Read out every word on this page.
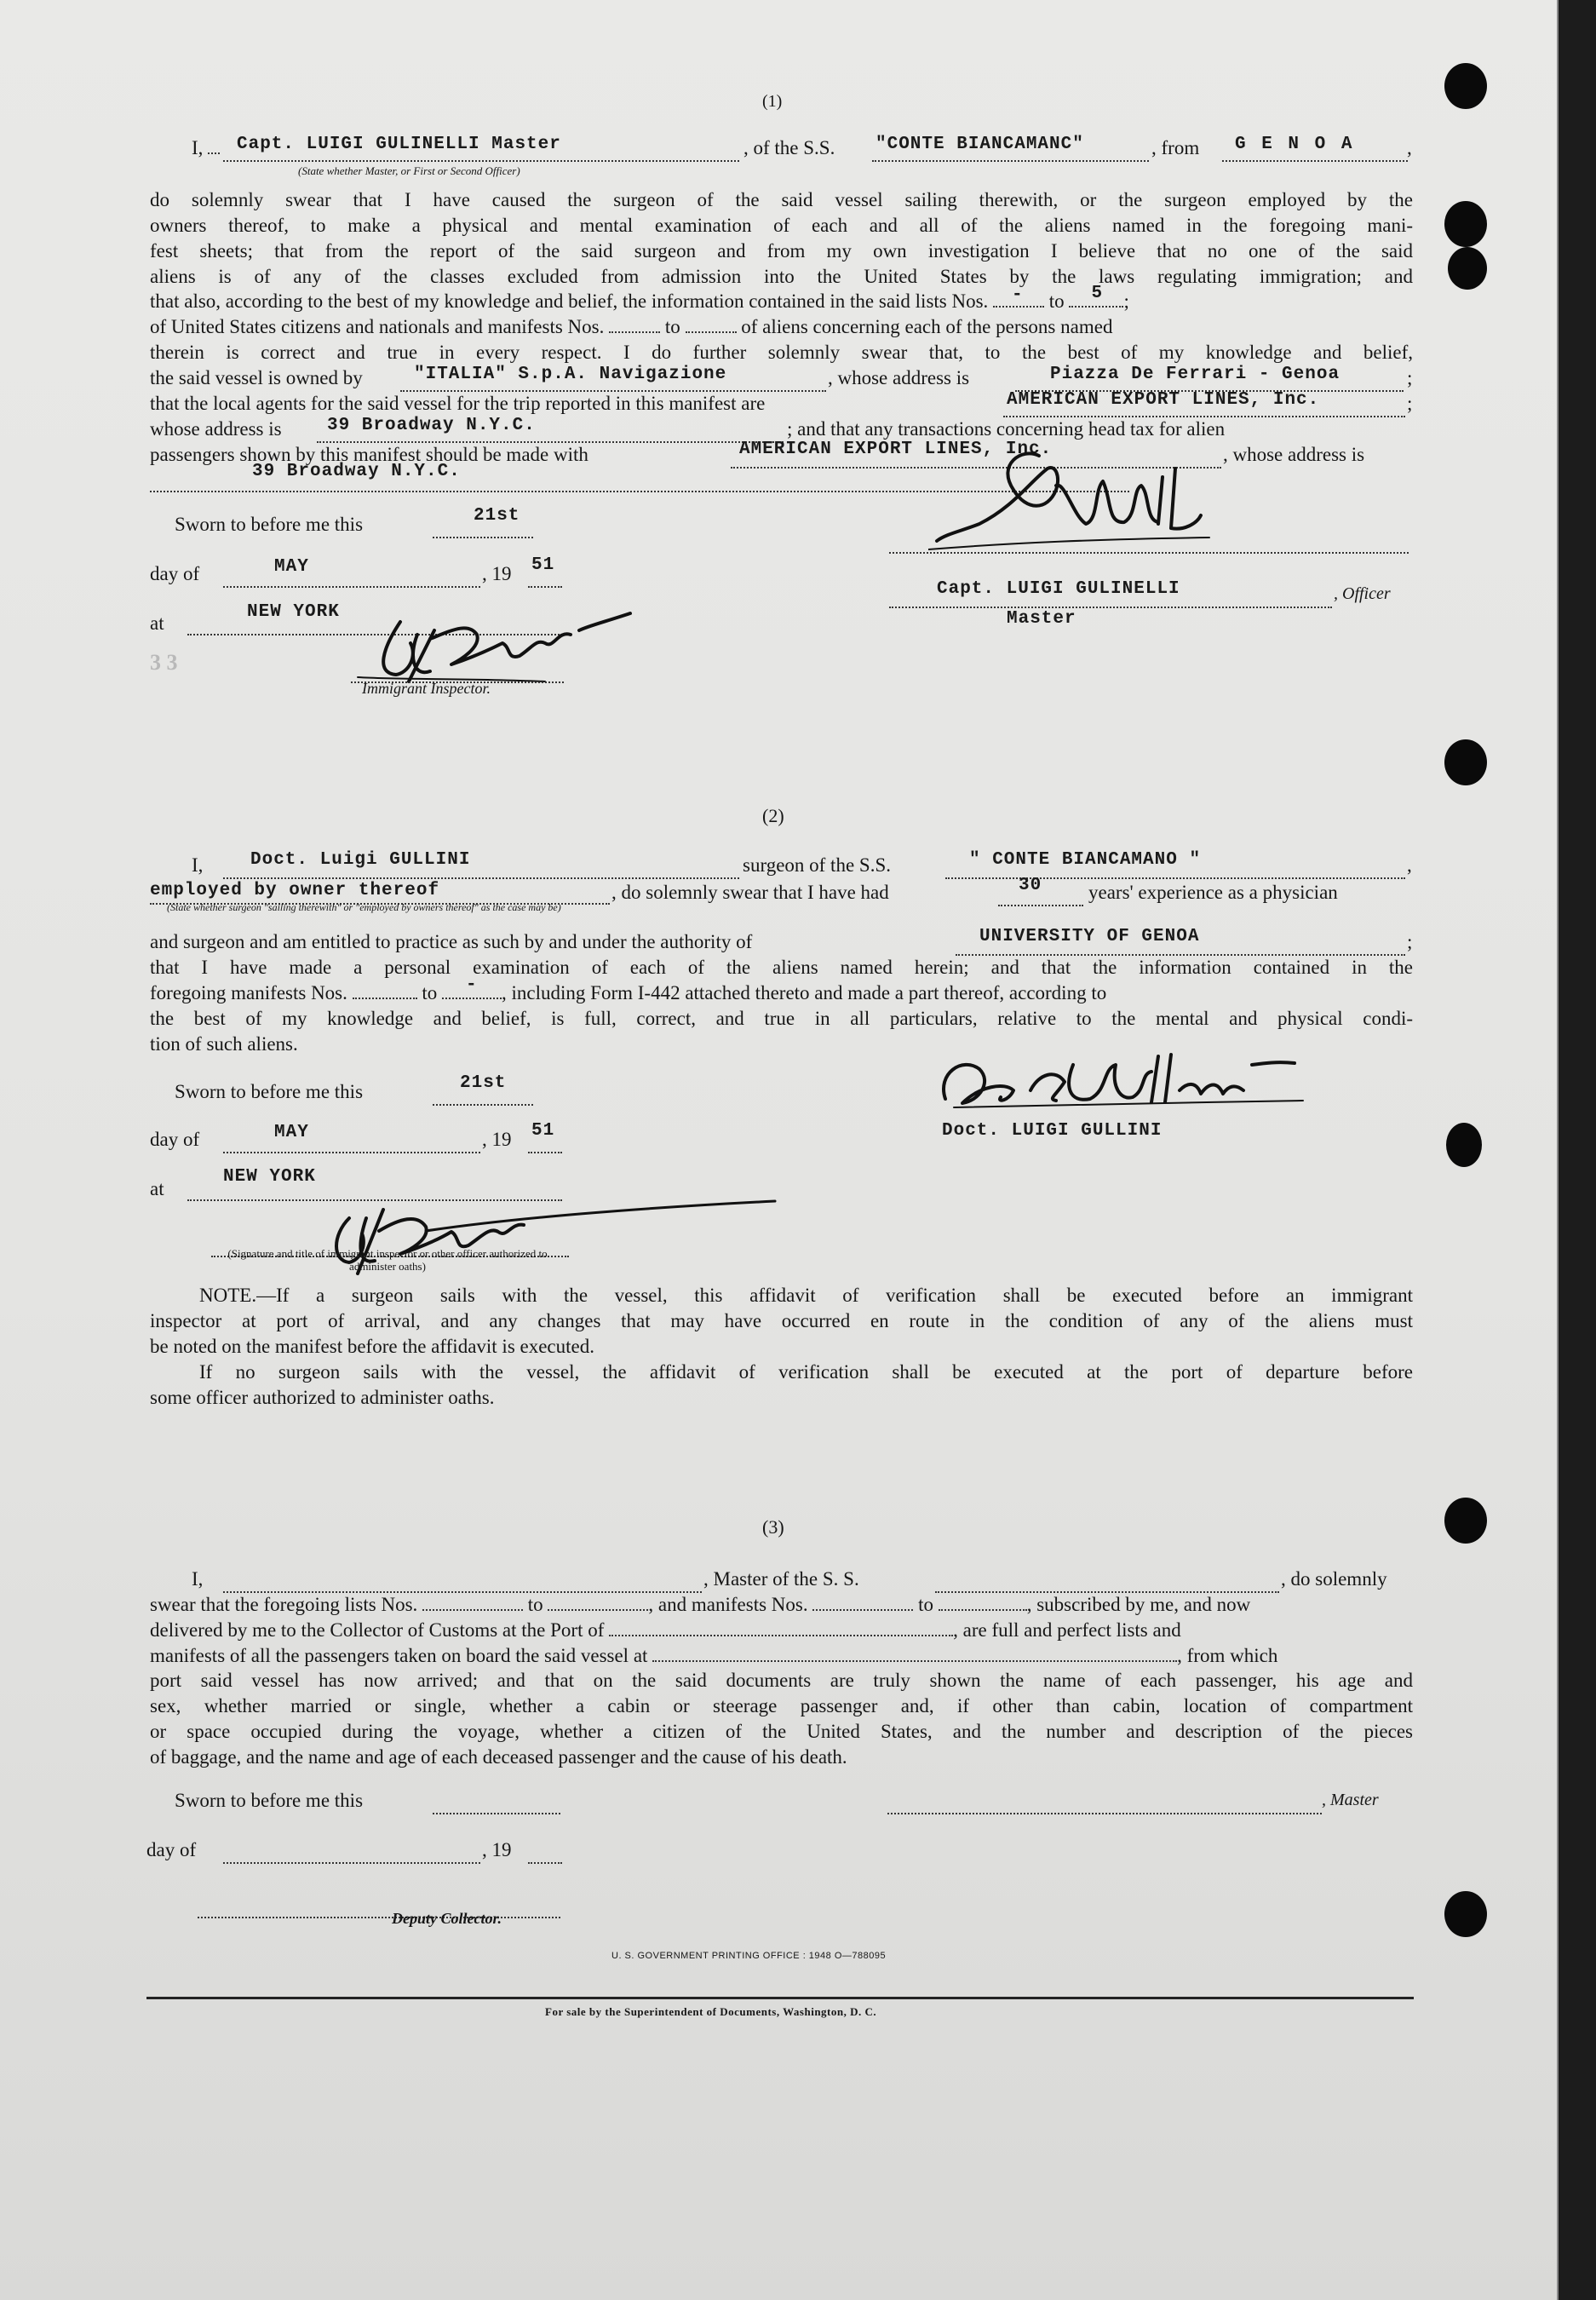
(1)
I,	Capt. LUIGI GULINELLI Master	, of the S.S. "CONTE BIANCAMANC"	, from G E N O A	,
(State whether Master, or First or Second Officer)
do solemnly swear that I have caused the surgeon of the said vessel sailing therewith, or the surgeon employed by the
owners thereof, to make a physical and mental examination of each and all of the aliens named in the foregoing mani-
fest sheets; that from the report of the said surgeon and from my own investigation I believe that no one of the said
aliens is of any of the classes excluded from admission into the United States by the laws regulating immigration; and
that also, according to the best of my knowledge and belief, the information contained in the said lists Nos. - to 5 ;
of United States citizens and nationals and manifests Nos.	to	of aliens concerning each of the persons named
therein is correct and true in every respect. I do further solemnly swear that, to the best of my knowledge and belief,
the said vessel is owned by	"ITALIA" S.p.A. Navigazione	, whose address is	Piazza De Ferrari - Genoa	;
that the local agents for the said vessel for the trip reported in this manifest are	AMERICAN EXPORT LINES, Inc.	;
whose address is	39 Broadway N.Y.C.	; and that any transactions concerning head tax for alien
passengers shown by this manifest should be made with	AMERICAN EXPORT LINES, Inc.	, whose address is
39 Broadway N.Y.C.
Sworn to before me this	21st
day of	MAY	, 19 51
at
NEW YORK
3 3
Immigrant Inspector.
Capt. LUIGI GULINELLI	, Officer
Master
(2)
I,	Doct. Luigi GULLINI	surgeon of the S.S.	" CONTE BIANCAMANO "	,
employed by owner thereof	, do solemnly swear that I have had	30 years' experience as a physician
(State whether surgeon "sailing therewith" or "employed by owners thereof" as the case may be)
and surgeon and am entitled to practice as such by and under the authority of	UNIVERSITY OF GENOA	;
that I have made a personal examination of each of the aliens named herein; and that the information contained in the
foregoing manifests Nos.	to - , including Form I-442 attached thereto and made a part thereof, according to
the best of my knowledge and belief, is full, correct, and true in all particulars, relative to the mental and physical condi-
tion of such aliens.
Sworn to before me this	21st
day of	MAY	, 19 51
at
NEW YORK
(Signature and title of immigrant inspector or other officer authorized to administer oaths)
Doct. LUIGI GULLINI
NOTE.—If a surgeon sails with the vessel, this affidavit of verification shall be executed before an immigrant
inspector at port of arrival, and any changes that may have occurred en route in the condition of any of the aliens must
be noted on the manifest before the affidavit is executed.
If no surgeon sails with the vessel, the affidavit of verification shall be executed at the port of departure before
some officer authorized to administer oaths.
(3)
I,	, Master of the S. S.	, do solemnly
swear that the foregoing lists Nos.	to	, and manifests Nos.	to	, subscribed by me, and now
delivered by me to the Collector of Customs at the Port of	, are full and perfect lists and
manifests of all the passengers taken on board the said vessel at	, from which
port said vessel has now arrived; and that on the said documents are truly shown the name of each passenger, his age and
sex, whether married or single, whether a cabin or steerage passenger and, if other than cabin, location of compartment
or space occupied during the voyage, whether a citizen of the United States, and the number and description of the pieces
of baggage, and the name and age of each deceased passenger and the cause of his death.
Sworn to before me this	, Master
day of	, 19
Deputy Collector.
U. S. GOVERNMENT PRINTING OFFICE : 1948 O—788095
For sale by the Superintendent of Documents, Washington, D. C.
